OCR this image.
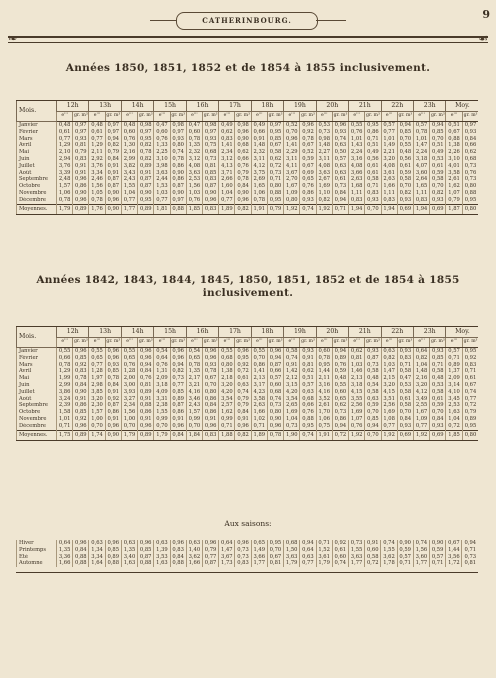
CATHERINBOURG.	9
❧	☙
Années 1850, 1851, 1852 et de 1854 à 1855 inclusivement.
Mois.	12h		13h		14h		15h		16h		17h		18h		19h		20h		21h		22h		23h		Moy.	
	e'''	gr. m³	e'''	gr. m³	e'''	gr. m³	e'''	gr. m³	e'''	gr. m³	e'''	gr. m³	e'''	gr. m³	e'''	gr. m³	e'''	gr. m³	e'''	gr. m³	e'''	gr. m³	e'''	gr. m³	e'''	gr. m³
Janvier	0,48	0,97	0,48	0,97	0,48	0,98	0,47	0,98	0,47	0,98	0,49	0,98	0,49	0,97	0,52	0,96	0,53	0,96	0,55	0,95	0,57	0,94	0,57	0,94	0,51	0,97
Février	0,61	0,97	0,61	0,97	0,60	0,97	0,60	0,97	0,60	0,97	0,62	0,96	0,66	0,95	0,70	0,92	0,73	0,93	0,76	0,86	0,77	0,85	0,78	0,85	0,67	0,93
Mars	0,77	0,93	0,77	0,94	0,76	0,95	0,76	0,93	0,78	0,93	0,83	0,90	0,91	0,85	0,96	0,78	0,98	0,74	1,01	0,71	1,01	0,70	1,01	0,70	0,88	0,84
Avril	1,29	0,81	1,29	0,82	1,30	0,82	1,33	0,80	1,35	0,75	1,41	0,68	1,48	0,67	1,41	0,67	1,48	0,63	1,43	0,51	1,49	0,55	1,47	0,51	1,38	0,66
Mai	2,10	0,79	2,11	0,79	2,16	0,78	2,25	0,74	2,32	0,68	2,34	0,62	2,32	0,58	2,29	0,52	2,27	0,50	2,24	0,49	2,21	0,48	2,24	0,49	2,26	0,62
Juin	2,94	0,83	2,92	0,84	2,99	0,82	3,10	0,78	3,12	0,73	3,12	0,66	3,11	0,62	3,11	0,59	3,11	0,57	3,16	0,56	3,20	0,56	3,18	0,53	3,10	0,68
Juillet	3,76	0,91	3,76	0,91	3,82	0,89	3,98	0,86	4,08	0,81	4,13	0,76	4,12	0,72	4,11	0,67	4,08	0,63	4,08	0,61	4,08	0,61	4,07	0,61	4,01	0,73
Août	3,39	0,91	3,34	0,91	3,43	0,91	3,63	0,90	3,63	0,85	3,71	0,79	3,75	0,73	3,67	0,69	3,63	0,63	3,66	0,61	3,61	0,59	3,60	0,59	3,58	0,76
Septembre	2,48	0,96	2,46	0,87	2,43	0,87	2,44	0,86	2,53	0,83	2,66	0,78	2,69	0,71	2,70	0,65	2,67	0,61	2,63	0,58	2,63	0,58	2,64	0,58	2,61	0,73
Octobre	1,57	0,86	1,56	0,87	1,55	0,87	1,53	0,87	1,56	0,87	1,60	0,84	1,65	0,80	1,67	0,76	1,69	0,73	1,68	0,71	1,66	0,70	1,65	0,70	1,62	0,80
Novembre	1,06	0,90	1,05	0,90	1,04	0,90	1,03	0,90	1,03	0,90	1,04	0,90	1,06	0,88	1,09	0,86	1,10	0,84	1,11	0,83	1,11	0,82	1,11	0,82	1,07	0,88
Décembre	0,78	0,96	0,78	0,96	0,77	0,95	0,77	0,97	0,76	0,96	0,77	0,96	0,78	0,95	0,80	0,93	0,82	0,94	0,83	0,93	0,83	0,93	0,83	0,93	0,79	0,95
Moyennes.	1,79	0,89	1,76	0,90	1,77	0,89	1,81	0,88	1,85	0,83	1,89	0,82	1,91	0,79	1,92	0,74	1,92	0,71	1,94	0,70	1,94	0,69	1,94	0,69	1,87	0,80
Années 1842, 1843, 1844, 1845, 1850, 1851, 1852 et de 1854 à 1855 inclusivement.
Mois.	12h		13h		14h		15h		16h		17h		18h		19h		20h		21h		22h		23h		Moy.	
	e'''	gr. m³	e'''	gr. m³	e'''	gr. m³	e'''	gr. m³	e'''	gr. m³	e'''	gr. m³	e'''	gr. m³	e'''	gr. m³	e'''	gr. m³	e'''	gr. m³	e'''	gr. m³	e'''	gr. m³	e'''	gr. m³
Janvier	0,55	0,96	0,55	0,96	0,55	0,96	0,54	0,96	0,54	0,96	0,55	0,96	0,55	0,96	0,58	0,93	0,60	0,94	0,62	0,93	0,63	0,93	0,64	0,93	0,57	0,95
Février	0,66	0,85	0,65	0,96	0,65	0,96	0,64	0,96	0,65	0,96	0,68	0,95	0,70	0,94	0,74	0,91	0,78	0,89	0,81	0,87	0,82	0,83	0,82	0,85	0,71	0,92
Mars	0,78	0,92	0,77	0,93	0,76	0,94	0,76	0,94	0,78	0,93	0,80	0,92	0,86	0,87	0,91	0,81	0,95	0,76	1,03	0,73	1,03	0,71	1,04	0,71	0,89	0,83
Avril	1,29	0,83	1,28	0,85	1,28	0,84	1,31	0,82	1,35	0,78	1,38	0,72	1,41	0,66	1,42	0,62	1,44	0,59	1,46	0,58	1,47	0,58	1,48	0,58	1,37	0,71
Mai	1,99	0,78	1,97	0,78	2,00	0,76	2,09	0,73	2,17	0,67	2,18	0,61	2,13	0,57	2,12	0,51	2,11	0,48	2,13	0,48	2,15	0,47	2,16	0,48	2,09	0,61
Juin	2,99	0,84	2,98	0,84	3,00	0,81	3,18	0,77	3,21	0,70	3,20	0,63	3,17	0,60	3,15	0,57	3,16	0,55	3,18	0,54	3,20	0,53	3,20	0,53	3,14	0,67
Juillet	3,86	0,90	3,85	0,91	3,93	0,89	4,09	0,85	4,16	0,80	4,20	0,74	4,23	0,68	4,20	0,63	4,16	0,60	4,15	0,58	4,15	0,58	4,12	0,58	4,10	0,74
Août	3,24	0,91	3,20	0,92	3,27	0,91	3,31	0,89	3,46	0,86	3,54	0,79	3,58	0,74	3,54	0,68	3,52	0,65	3,55	0,63	3,51	0,61	3,49	0,61	3,45	0,77
Septembre	2,39	0,86	2,30	0,87	2,34	0,88	2,38	0,87	2,43	0,84	2,57	0,79	2,63	0,73	2,65	0,66	2,61	0,62	2,56	0,59	2,56	0,58	2,55	0,59	2,53	0,72
Octobre	1,58	0,85	1,57	0,86	1,56	0,86	1,55	0,86	1,57	0,86	1,62	0,84	1,66	0,80	1,69	0,76	1,70	0,73	1,69	0,70	1,69	0,70	1,67	0,70	1,63	0,79
Novembre	1,01	0,92	1,00	0,91	1,00	0,91	0,99	0,91	0,99	0,91	0,99	0,91	1,02	0,90	1,04	0,88	1,06	0,86	1,07	0,85	1,08	0,84	1,09	0,84	1,04	0,89
Décembre	0,71	0,96	0,70	0,96	0,70	0,96	0,70	0,96	0,70	0,96	0,71	0,96	0,71	0,96	0,73	0,95	0,75	0,94	0,76	0,94	0,77	0,93	0,77	0,93	0,72	0,95
Moyennes.	1,75	0,89	1,74	0,90	1,79	0,89	1,79	0,84	1,84	0,83	1,88	0,82	1,89	0,78	1,90	0,74	1,91	0,72	1,92	0,70	1,92	0,69	1,92	0,69	1,85	0,80
Aux saisons:
Hiver	0,64	0,96	0,63	0,96	0,63	0,96	0,63	0,96	0,63	0,96	0,64	0,96	0,65	0,95	0,68	0,94	0,71	0,92	0,73	0,91	0,74	0,90	0,74	0,90	0,67	0,94
Printemps	1,35	0,84	1,34	0,85	1,35	0,85	1,39	0,83	1,40	0,79	1,47	0,73	1,49	0,70	1,50	0,64	1,52	0,61	1,55	0,60	1,55	0,59	1,56	0,59	1,44	0,71
Été	3,36	0,88	3,34	0,89	3,40	0,87	3,53	0,84	3,62	0,77	3,67	0,73	3,66	0,67	3,63	0,63	3,61	0,60	3,63	0,58	3,62	0,57	3,60	0,57	3,56	0,73
Automne	1,66	0,88	1,64	0,88	1,63	0,88	1,63	0,88	1,66	0,87	1,73	0,83	1,77	0,81	1,79	0,77	1,79	0,74	1,77	0,72	1,78	0,71	1,77	0,71	1,72	0,81
